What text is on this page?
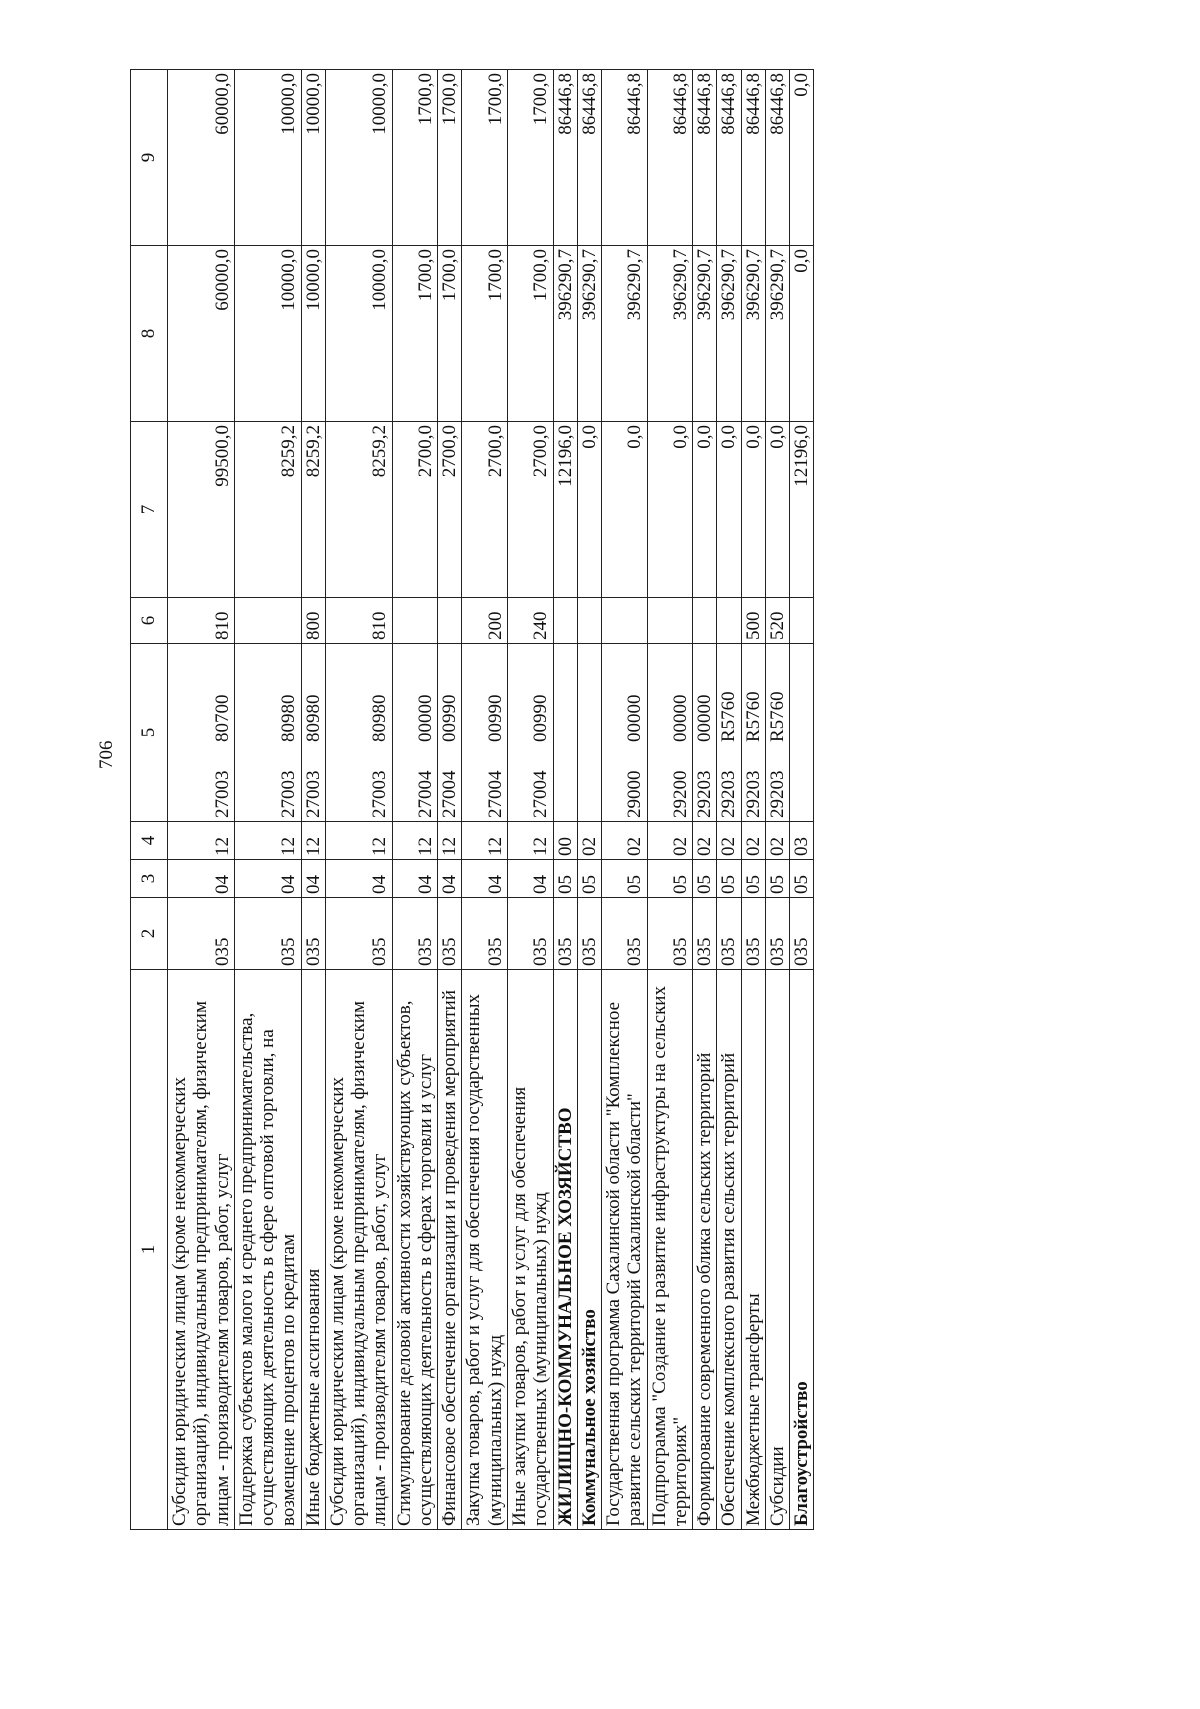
706
1	2	3	4	5	6	7	8	9
Субсидии юридическим лицам (кроме некоммерческих организаций), индивидуальным предпринимателям, физическим лицам - производителям товаров, работ, услуг	035	04	12	2700380700	810	99500,0	60000,0	60000,0
Поддержка субъектов малого и среднего предпринимательства, осуществляющих деятельность в сфере оптовой торговли, на возмещение процентов по кредитам	035	04	12	2700380980		8259,2	10000,0	10000,0
Иные бюджетные ассигнования	035	04	12	2700380980	800	8259,2	10000,0	10000,0
Субсидии юридическим лицам (кроме некоммерческих организаций), индивидуальным предпринимателям, физическим лицам - производителям товаров, работ, услуг	035	04	12	2700380980	810	8259,2	10000,0	10000,0
Стимулирование деловой активности хозяйствующих субъектов, осуществляющих деятельность в сферах торговли и услуг	035	04	12	2700400000		2700,0	1700,0	1700,0
Финансовое обеспечение организации и проведения мероприятий	035	04	12	2700400990		2700,0	1700,0	1700,0
Закупка товаров, работ и услуг для обеспечения государственных (муниципальных) нужд	035	04	12	2700400990	200	2700,0	1700,0	1700,0
Иные закупки товаров, работ и услуг для обеспечения государственных (муниципальных) нужд	035	04	12	2700400990	240	2700,0	1700,0	1700,0
ЖИЛИЩНО-КОММУНАЛЬНОЕ ХОЗЯЙСТВО	035	05	00			12196,0	396290,7	86446,8
Коммунальное хозяйство	035	05	02			0,0	396290,7	86446,8
Государственная программа Сахалинской области "Комплексное развитие сельских территорий Сахалинской области"	035	05	02	2900000000		0,0	396290,7	86446,8
Подпрограмма "Создание и развитие инфраструктуры на сельских территориях"	035	05	02	2920000000		0,0	396290,7	86446,8
Формирование современного облика сельских территорий	035	05	02	2920300000		0,0	396290,7	86446,8
Обеспечение комплексного развития сельских территорий	035	05	02	29203R5760		0,0	396290,7	86446,8
Межбюджетные трансферты	035	05	02	29203R5760	500	0,0	396290,7	86446,8
Субсидии	035	05	02	29203R5760	520	0,0	396290,7	86446,8
Благоустройство	035	05	03			12196,0	0,0	0,0
